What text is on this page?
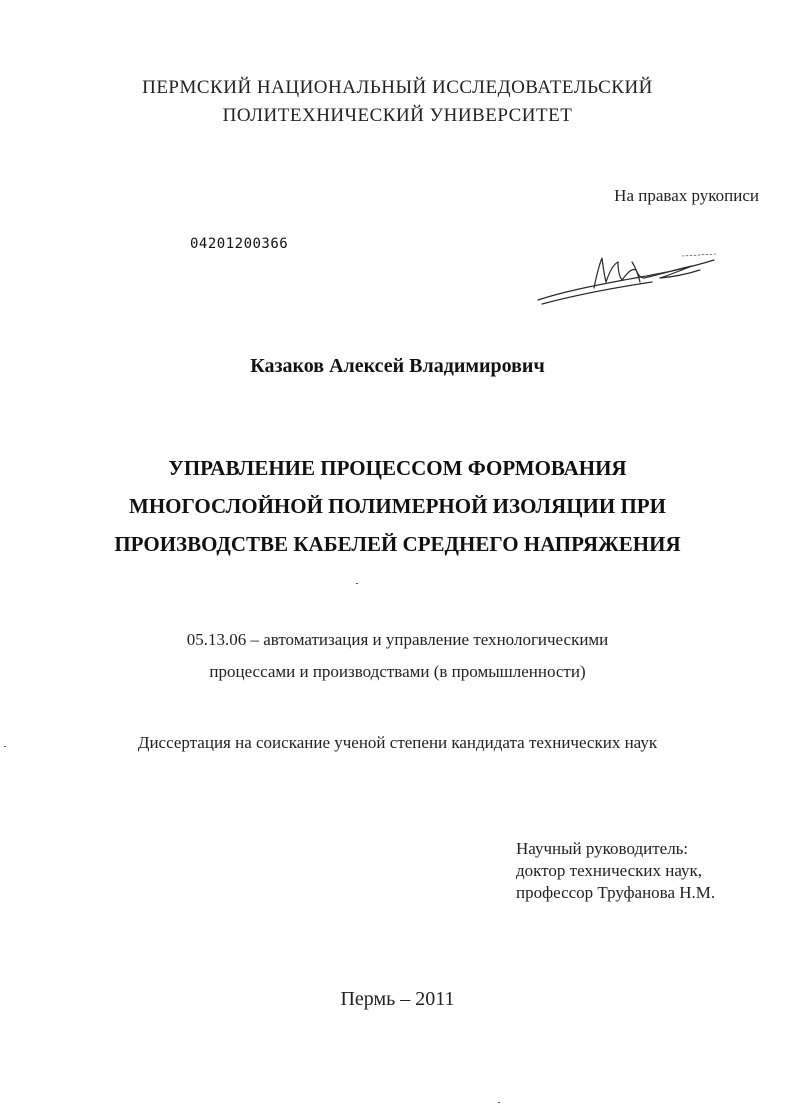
ПЕРМСКИЙ НАЦИОНАЛЬНЫЙ ИССЛЕДОВАТЕЛЬСКИЙ
ПОЛИТЕХНИЧЕСКИЙ УНИВЕРСИТЕТ
На правах рукописи
04201200366
Казаков Алексей Владимирович
УПРАВЛЕНИЕ ПРОЦЕССОМ ФОРМОВАНИЯ
МНОГОСЛОЙНОЙ ПОЛИМЕРНОЙ ИЗОЛЯЦИИ ПРИ
ПРОИЗВОДСТВЕ КАБЕЛЕЙ СРЕДНЕГО НАПРЯЖЕНИЯ
05.13.06 – автоматизация и управление технологическими
процессами и производствами (в промышленности)
Диссертация на соискание ученой степени кандидата технических наук
Научный руководитель:
доктор технических наук,
профессор Труфанова Н.М.
Пермь – 2011
